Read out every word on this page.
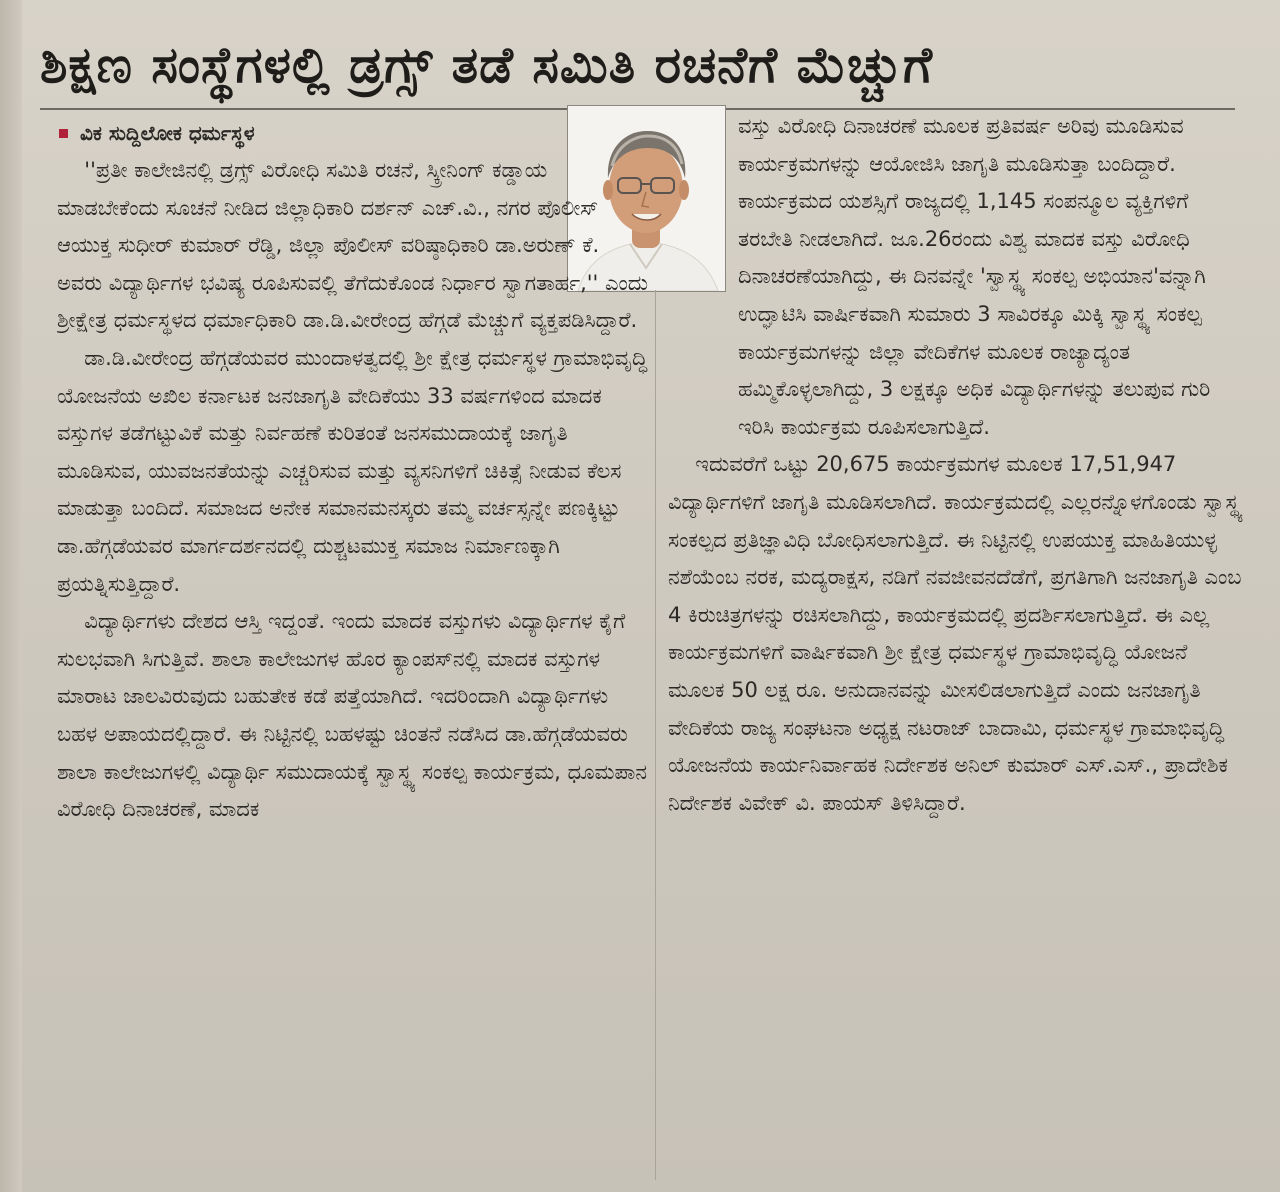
ಶಿಕ್ಷಣ ಸಂಸ್ಥೆಗಳಲ್ಲಿ ಡ್ರಗ್ಸ್ ತಡೆ ಸಮಿತಿ ರಚನೆಗೆ ಮೆಚ್ಚುಗೆ
ವಿಕ ಸುದ್ದಿಲೋಕ ಧರ್ಮಸ್ಥಳ

''ಪ್ರತೀ ಕಾಲೇಜಿನಲ್ಲಿ ಡ್ರಗ್ಸ್ ವಿರೋಧಿ ಸಮಿತಿ ರಚನೆ, ಸ್ಕ್ರೀನಿಂಗ್ ಕಡ್ಡಾಯ ಮಾಡಬೇಕೆಂದು ಸೂಚನೆ ನೀಡಿದ ಜಿಲ್ಲಾಧಿಕಾರಿ ದರ್ಶನ್ ಎಚ್.ವಿ., ನಗರ ಪೊಲೀಸ್ ಆಯುಕ್ತ ಸುಧೀರ್ ಕುಮಾರ್ ರೆಡ್ಡಿ, ಜಿಲ್ಲಾ ಪೊಲೀಸ್ ವರಿಷ್ಠಾಧಿಕಾರಿ ಡಾ.ಅರುಣ್ ಕೆ. ಅವರು ವಿದ್ಯಾರ್ಥಿಗಳ ಭವಿಷ್ಯ ರೂಪಿಸುವಲ್ಲಿ ತೆಗೆದುಕೊಂಡ ನಿರ್ಧಾರ ಸ್ವಾಗತಾರ್ಹ,'' ಎಂದು ಶ್ರೀಕ್ಷೇತ್ರ ಧರ್ಮಸ್ಥಳದ ಧರ್ಮಾಧಿಕಾರಿ ಡಾ.ಡಿ.ವೀರೇಂದ್ರ ಹೆಗ್ಗಡೆ ಮೆಚ್ಚುಗೆ ವ್ಯಕ್ತಪಡಿಸಿದ್ದಾರೆ.

ಡಾ.ಡಿ.ವೀರೇಂದ್ರ ಹೆಗ್ಗಡೆಯವರ ಮುಂದಾಳತ್ವದಲ್ಲಿ ಶ್ರೀ ಕ್ಷೇತ್ರ ಧರ್ಮಸ್ಥಳ ಗ್ರಾಮಾಭಿವೃದ್ಧಿ ಯೋಜನೆಯ ಅಖಿಲ ಕರ್ನಾಟಕ ಜನಜಾಗೃತಿ ವೇದಿಕೆಯು 33 ವರ್ಷಗಳಿಂದ ಮಾದಕ ವಸ್ತುಗಳ ತಡೆಗಟ್ಟುವಿಕೆ ಮತ್ತು ನಿರ್ವಹಣೆ ಕುರಿತಂತೆ ಜನಸಮುದಾಯಕ್ಕೆ ಜಾಗೃತಿ ಮೂಡಿಸುವ, ಯುವಜನತೆಯನ್ನು ಎಚ್ಚರಿಸುವ ಮತ್ತು ವ್ಯಸನಿಗಳಿಗೆ ಚಿಕಿತ್ಸೆ ನೀಡುವ ಕೆಲಸ ಮಾಡುತ್ತಾ ಬಂದಿದೆ. ಸಮಾಜದ ಅನೇಕ ಸಮಾನಮನಸ್ಕರು ತಮ್ಮ ವರ್ಚಸ್ಸನ್ನೇ ಪಣಕ್ಕಿಟ್ಟು ಡಾ.ಹೆಗ್ಗಡೆಯವರ ಮಾರ್ಗದರ್ಶನದಲ್ಲಿ ದುಶ್ಚಟಮುಕ್ತ ಸಮಾಜ ನಿರ್ಮಾಣಕ್ಕಾಗಿ ಪ್ರಯತ್ನಿಸುತ್ತಿದ್ದಾರೆ.

ವಿದ್ಯಾರ್ಥಿಗಳು ದೇಶದ ಆಸ್ತಿ ಇದ್ದಂತೆ. ಇಂದು ಮಾದಕ ವಸ್ತುಗಳು ವಿದ್ಯಾರ್ಥಿಗಳ ಕೈಗೆ ಸುಲಭವಾಗಿ ಸಿಗುತ್ತಿವೆ. ಶಾಲಾ ಕಾಲೇಜುಗಳ ಹೊರ ಕ್ಯಾಂಪಸ್‌ನಲ್ಲಿ ಮಾದಕ ವಸ್ತುಗಳ ಮಾರಾಟ ಜಾಲವಿರುವುದು ಬಹುತೇಕ ಕಡೆ ಪತ್ತೆಯಾಗಿದೆ. ಇದರಿಂದಾಗಿ ವಿದ್ಯಾರ್ಥಿಗಳು ಬಹಳ ಅಪಾಯದಲ್ಲಿದ್ದಾರೆ. ಈ ನಿಟ್ಟಿನಲ್ಲಿ ಬಹಳಷ್ಟು ಚಿಂತನೆ ನಡೆಸಿದ ಡಾ.ಹೆಗ್ಗಡೆಯವರು ಶಾಲಾ ಕಾಲೇಜುಗಳಲ್ಲಿ ವಿದ್ಯಾರ್ಥಿ ಸಮುದಾಯಕ್ಕೆ ಸ್ವಾಸ್ಥ್ಯ ಸಂಕಲ್ಪ ಕಾರ್ಯಕ್ರಮ, ಧೂಮಪಾನ ವಿರೋಧಿ ದಿನಾಚರಣೆ, ಮಾದಕ

ವಸ್ತು ವಿರೋಧಿ ದಿನಾಚರಣೆ ಮೂಲಕ ಪ್ರತಿವರ್ಷ ಅರಿವು ಮೂಡಿಸುವ ಕಾರ್ಯಕ್ರಮಗಳನ್ನು ಆಯೋಜಿಸಿ ಜಾಗೃತಿ ಮೂಡಿಸುತ್ತಾ ಬಂದಿದ್ದಾರೆ. ಕಾರ್ಯಕ್ರಮದ ಯಶಸ್ಸಿಗೆ ರಾಜ್ಯದಲ್ಲಿ 1,145 ಸಂಪನ್ಮೂಲ ವ್ಯಕ್ತಿಗಳಿಗೆ ತರಬೇತಿ ನೀಡಲಾಗಿದೆ. ಜೂ.26ರಂದು ವಿಶ್ವ ಮಾದಕ ವಸ್ತು ವಿರೋಧಿ ದಿನಾಚರಣೆಯಾಗಿದ್ದು, ಈ ದಿನವನ್ನೇ 'ಸ್ವಾಸ್ಥ್ಯ ಸಂಕಲ್ಪ ಅಭಿಯಾನ'ವನ್ನಾಗಿ ಉದ್ಘಾಟಿಸಿ ವಾರ್ಷಿಕವಾಗಿ ಸುಮಾರು 3 ಸಾವಿರಕ್ಕೂ ಮಿಕ್ಕಿ ಸ್ವಾಸ್ಥ್ಯ ಸಂಕಲ್ಪ ಕಾರ್ಯಕ್ರಮಗಳನ್ನು ಜಿಲ್ಲಾ ವೇದಿಕೆಗಳ ಮೂಲಕ ರಾಜ್ಯಾದ್ಯಂತ ಹಮ್ಮಿಕೊಳ್ಳಲಾಗಿದ್ದು, 3 ಲಕ್ಷಕ್ಕೂ ಅಧಿಕ ವಿದ್ಯಾರ್ಥಿಗಳನ್ನು ತಲುಪುವ ಗುರಿ ಇರಿಸಿ ಕಾರ್ಯಕ್ರಮ ರೂಪಿಸಲಾಗುತ್ತಿದೆ.

ಇದುವರೆಗೆ ಒಟ್ಟು 20,675 ಕಾರ್ಯಕ್ರಮಗಳ ಮೂಲಕ 17,51,947 ವಿದ್ಯಾರ್ಥಿಗಳಿಗೆ ಜಾಗೃತಿ ಮೂಡಿಸಲಾಗಿದೆ. ಕಾರ್ಯಕ್ರಮದಲ್ಲಿ ಎಲ್ಲರನ್ನೊಳಗೊಂಡು ಸ್ವಾಸ್ಥ್ಯ ಸಂಕಲ್ಪದ ಪ್ರತಿಜ್ಞಾವಿಧಿ ಬೋಧಿಸಲಾಗುತ್ತಿದೆ. ಈ ನಿಟ್ಟಿನಲ್ಲಿ ಉಪಯುಕ್ತ ಮಾಹಿತಿಯುಳ್ಳ ನಶೆಯೆಂಬ ನರಕ, ಮದ್ಯರಾಕ್ಷಸ, ನಡಿಗೆ ನವಜೀವನದೆಡೆಗೆ, ಪ್ರಗತಿಗಾಗಿ ಜನಜಾಗೃತಿ ಎಂಬ 4 ಕಿರುಚಿತ್ರಗಳನ್ನು ರಚಿಸಲಾಗಿದ್ದು, ಕಾರ್ಯಕ್ರಮದಲ್ಲಿ ಪ್ರದರ್ಶಿಸಲಾಗುತ್ತಿದೆ. ಈ ಎಲ್ಲ ಕಾರ್ಯಕ್ರಮಗಳಿಗೆ ವಾರ್ಷಿಕವಾಗಿ ಶ್ರೀ ಕ್ಷೇತ್ರ ಧರ್ಮಸ್ಥಳ ಗ್ರಾಮಾಭಿವೃದ್ಧಿ ಯೋಜನೆ ಮೂಲಕ 50 ಲಕ್ಷ ರೂ. ಅನುದಾನವನ್ನು ಮೀಸಲಿಡಲಾಗುತ್ತಿದೆ ಎಂದು ಜನಜಾಗೃತಿ ವೇದಿಕೆಯ ರಾಜ್ಯ ಸಂಘಟನಾ ಅಧ್ಯಕ್ಷ ನಟರಾಜ್ ಬಾದಾಮಿ, ಧರ್ಮಸ್ಥಳ ಗ್ರಾಮಾಭಿವೃದ್ಧಿ ಯೋಜನೆಯ ಕಾರ್ಯನಿರ್ವಾಹಕ ನಿರ್ದೇಶಕ ಅನಿಲ್ ಕುಮಾರ್ ಎಸ್.ಎಸ್., ಪ್ರಾದೇಶಿಕ ನಿರ್ದೇಶಕ ವಿವೇಕ್ ವಿ. ಪಾಯಸ್ ತಿಳಿಸಿದ್ದಾರೆ.
